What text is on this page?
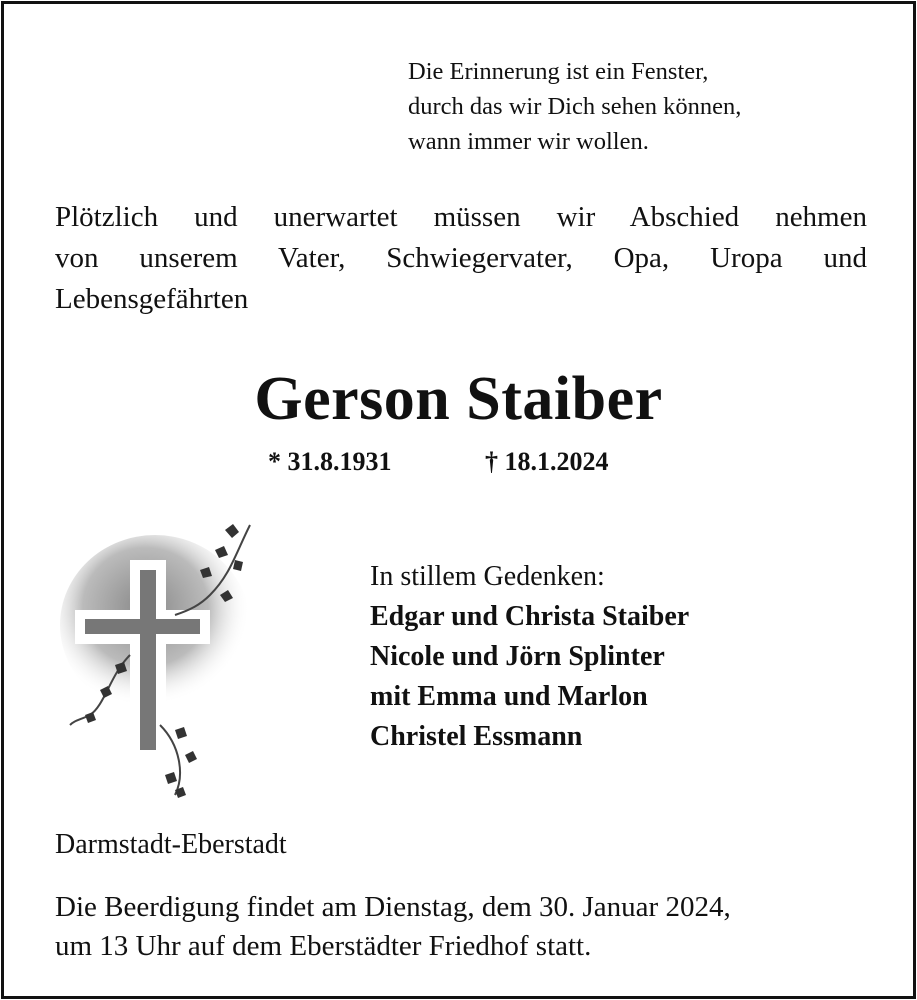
Die Erinnerung ist ein Fenster,
durch das wir Dich sehen können,
wann immer wir wollen.
Plötzlich und unerwartet müssen wir Abschied nehmen
von unserem Vater, Schwiegervater, Opa, Uropa und
Lebensgefährten
Gerson Staiber
* 31.8.1931	† 18.1.2024
In stillem Gedenken:
Edgar und Christa Staiber
Nicole und Jörn Splinter
mit Emma und Marlon
Christel Essmann
Darmstadt-Eberstadt
Die Beerdigung findet am Dienstag, dem 30. Januar 2024,
um 13 Uhr auf dem Eberstädter Friedhof statt.
